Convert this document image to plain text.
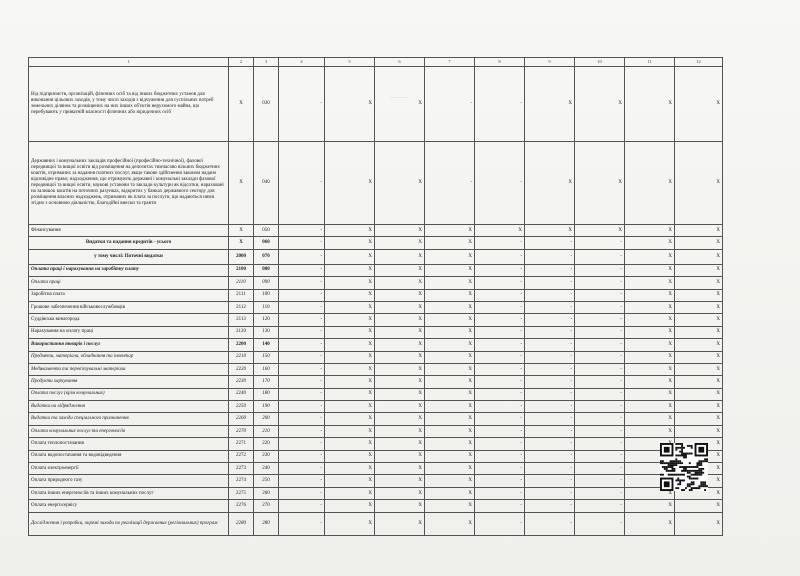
.........
1	2	3	4	5	6	7	8	9	10	11	12
Від підприємств, організацій, фізичних осіб та від інших бюджетних установ для виконання цільових заходів, у тому числі заходів з відчуження для суспільних потреб земельних ділянок та розміщених на них інших об'єктів нерухомого майна, що перебувають у приватній власності фізичних або юридичних осіб	X	030	-	X	X	-	-	X	X	X	X
Державних і комунальних закладів професійної (професійно-технічної), фахової передвищої та вищої освіти від розміщення на депозитах тимчасово вільних бюджетних коштів, отриманих за надання платних послуг, якщо такове здійснення законом надано відповідне право; надходження, що отримують державні і комунальні заклади фахової передвищої та вищої освіти, наукові установи та заклади культури як відсотки, нараховані на залишок коштів на поточних рахунках, відкритих у банках державного сектору для розміщення власних надходжень, отриманих як плата за послуги, що надаються ними згідно з основною діяльністю, благодійні внески та гранти	X	040	-	X	X	-	-	X	X	X	X
Фінансування	X	050	-	X	X	X	X	X	X	X	X
Видатки та надання кредитів - усього	X	060	-	X	X	X	-	-	-	X	X
у тому числі: Поточні видатки	2000	070	-	X	X	X	-	-	-	X	X
Оплата праці і нарахування на заробітну плату	2100	080	-	X	X	X	-	-	-	X	X
Оплата праці	2110	090	-	X	X	X	-	-	-	X	X
Заробітна плата	2111	100	-	X	X	X	-	-	-	X	X
Грошове забезпечення військовослужбовців	2112	110	-	X	X	X	-	-	-	X	X
Суддівська винагорода	2113	120	-	X	X	X	-	-	-	X	X
Нарахування на оплату праці	2120	130	-	X	X	X	-	-	-	X	X
Використання товарів і послуг	2200	140	-	X	X	X	-	-	-	X	X
Предмети, матеріали, обладнання та інвентар	2210	150	-	X	X	X	-	-	-	X	X
Медикаменти та перев'язувальні матеріали	2220	160	-	X	X	X	-	-	-	X	X
Продукти харчування	2230	170	-	X	X	X	-	-	-	X	X
Оплата послуг (крім комунальних)	2240	180	-	X	X	X	-	-	-	X	X
Видатки на відрядження	2250	190	-	X	X	X	-	-	-	X	X
Видатки та заходи спеціального призначення	2260	200	-	X	X	X	-	-	-	X	X
Оплата комунальних послуг та енергоносіїв	2270	210	-	X	X	X	-	-	-	X	X
Оплата теплопостачання	2271	220	-	X	X	X	-	-	-		X
Оплата водопостачання та водовідведення	2272	230	-	X	X	X	-	-	-		X
Оплата електроенергії	2273	240	-	X	X	X	-	-	-		X
Оплата природного газу	2274	250	-	X	X	X	-	-	-		X
Оплата інших енергоносіїв та інших комунальних послуг	2275	260	-	X	X	X	-	-	-	X	X
Оплата енергосервісу	2276	270	-	X	X	X	-	-	-	X	X
Дослідження і розробки, окремі заходи по реалізації державних (регіональних) програм	2280	280	-	X	X	X	-	-	-	X	X
